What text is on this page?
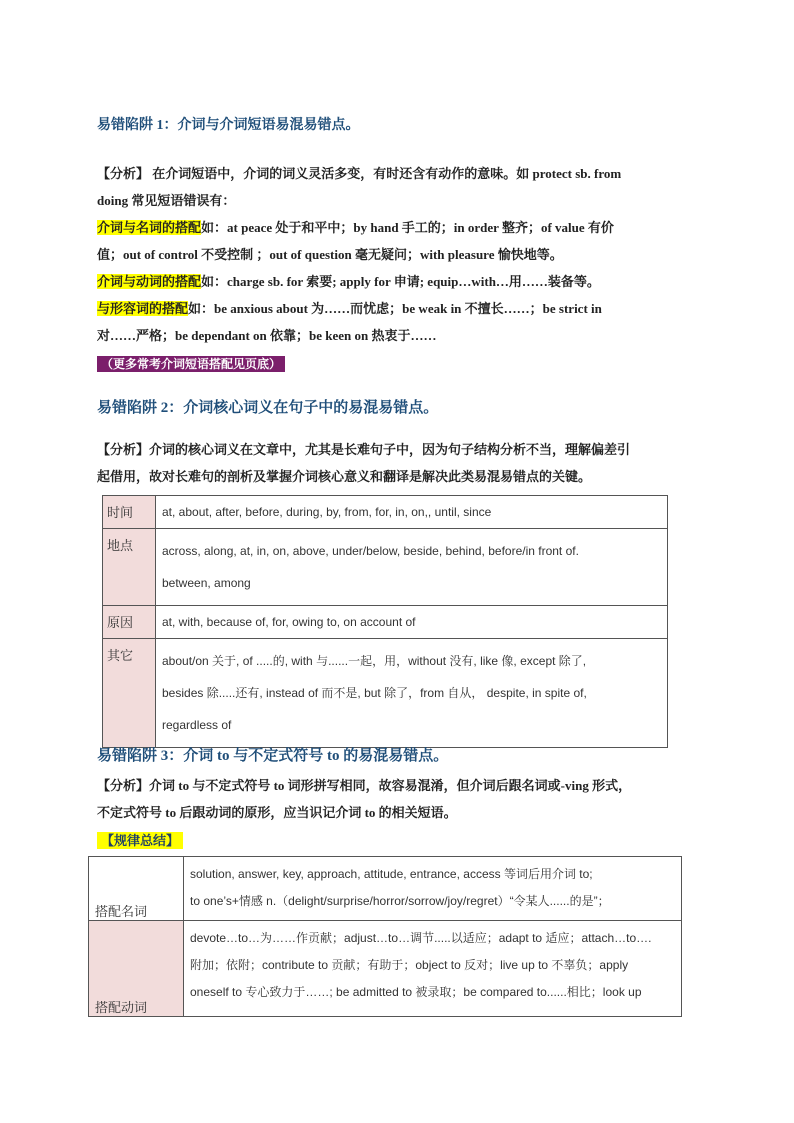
易错陷阱 1：介词与介词短语易混易错点。
【分析】 在介词短语中，介词的词义灵活多变，有时还含有动作的意味。如 protect sb. from
doing 常见短语错误有：
介词与名词的搭配如：at peace 处于和平中；by hand 手工的；in order 整齐；of value 有价
值；out of control 不受控制 ；out of question 毫无疑问；with pleasure 愉快地等。
介词与动词的搭配如：charge sb. for 索要; apply for 申请; equip…with…用……装备等。
与形容词的搭配如：be anxious about 为……而忧虑；be weak in 不擅长……；be strict in
对……严格；be dependant on 依靠；be keen on 热衷于……
（更多常考介词短语搭配见页底）
易错陷阱 2：介词核心词义在句子中的易混易错点。
【分析】介词的核心词义在文章中，尤其是长难句子中，因为句子结构分析不当，理解偏差引
起借用，故对长难句的剖析及掌握介词核心意义和翻译是解决此类易混易错点的关键。
时间	at, about, after, before, during, by, from, for, in, on,, until, since

地点	across, along, at, in, on, above, under/below, beside, behind, before/in front of.
between, among

原因	at, with, because of, for, owing to, on account of

其它	about/on 关于, of .....的, with 与......一起，用，without 没有, like 像, except 除了,
besides 除.....还有, instead of 而不是, but 除了，from 自从， despite, in spite of,
regardless of
易错陷阱 3：介词 to 与不定式符号 to 的易混易错点。
【分析】介词 to 与不定式符号 to 词形拼写相同，故容易混淆，但介词后跟名词或-ving 形式，
不定式符号 to 后跟动词的原形，应当识记介词 to 的相关短语。
【规律总结】
搭配名词	solution, answer, key, approach, attitude, entrance, access 等词后用介词 to;
to one’s+情感 n.（delight/surprise/horror/sorrow/joy/regret）“令某人......的是”；

搭配动词	devote…to…为……作贡献；adjust…to…调节.....以适应；adapt to 适应；attach…to….
附加；依附；contribute to 贡献；有助于；object to 反对；live up to 不辜负；apply
oneself to 专心致力于……; be admitted to 被录取；be compared to......相比；look up
